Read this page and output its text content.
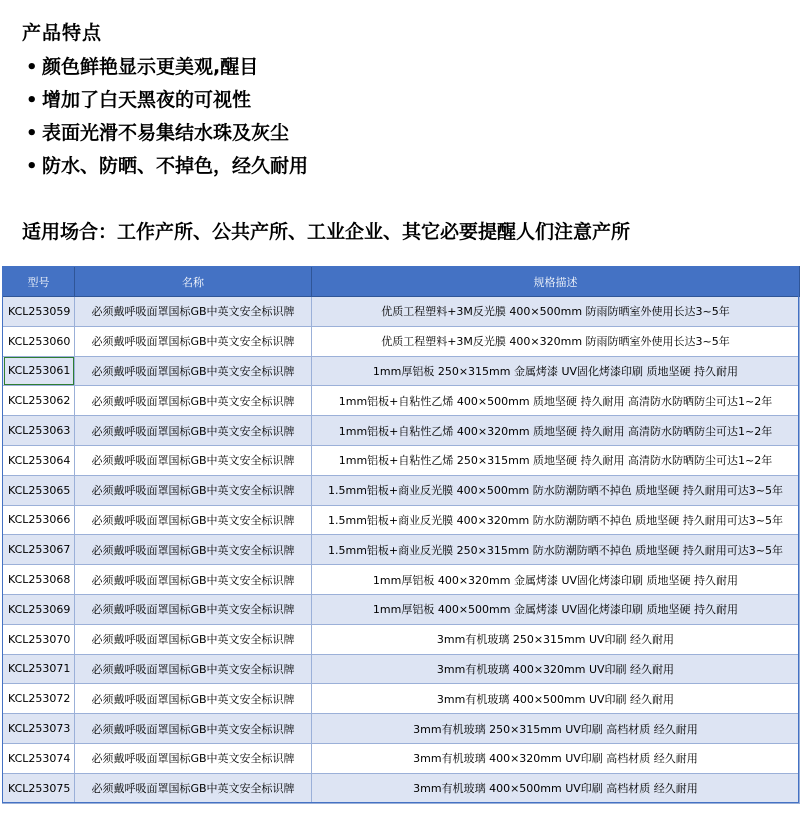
产品特点
• 颜色鲜艳显示更美观,醒目
• 增加了白天黑夜的可视性
• 表面光滑不易集结水珠及灰尘
• 防水、防晒、不掉色，经久耐用
适用场合：工作产所、公共产所、工业企业、其它必要提醒人们注意产所
型号	名称	规格描述
KCL253059	必须戴呼吸面罩国标GB中英文安全标识牌	优质工程塑料+3M反光膜 400×500mm 防雨防晒室外使用长达3~5年
KCL253060	必须戴呼吸面罩国标GB中英文安全标识牌	优质工程塑料+3M反光膜 400×320mm 防雨防晒室外使用长达3~5年
KCL253061	必须戴呼吸面罩国标GB中英文安全标识牌	1mm厚铝板 250×315mm 金属烤漆 UV固化烤漆印刷 质地坚硬 持久耐用
KCL253062	必须戴呼吸面罩国标GB中英文安全标识牌	1mm铝板+自粘性乙烯 400×500mm 质地坚硬 持久耐用 高清防水防晒防尘可达1~2年
KCL253063	必须戴呼吸面罩国标GB中英文安全标识牌	1mm铝板+自粘性乙烯 400×320mm 质地坚硬 持久耐用 高清防水防晒防尘可达1~2年
KCL253064	必须戴呼吸面罩国标GB中英文安全标识牌	1mm铝板+自粘性乙烯 250×315mm 质地坚硬 持久耐用 高清防水防晒防尘可达1~2年
KCL253065	必须戴呼吸面罩国标GB中英文安全标识牌	1.5mm铝板+商业反光膜 400×500mm 防水防潮防晒不掉色 质地坚硬 持久耐用可达3~5年
KCL253066	必须戴呼吸面罩国标GB中英文安全标识牌	1.5mm铝板+商业反光膜 400×320mm 防水防潮防晒不掉色 质地坚硬 持久耐用可达3~5年
KCL253067	必须戴呼吸面罩国标GB中英文安全标识牌	1.5mm铝板+商业反光膜 250×315mm 防水防潮防晒不掉色 质地坚硬 持久耐用可达3~5年
KCL253068	必须戴呼吸面罩国标GB中英文安全标识牌	1mm厚铝板 400×320mm 金属烤漆 UV固化烤漆印刷 质地坚硬 持久耐用
KCL253069	必须戴呼吸面罩国标GB中英文安全标识牌	1mm厚铝板 400×500mm 金属烤漆 UV固化烤漆印刷 质地坚硬 持久耐用
KCL253070	必须戴呼吸面罩国标GB中英文安全标识牌	3mm有机玻璃 250×315mm UV印刷 经久耐用
KCL253071	必须戴呼吸面罩国标GB中英文安全标识牌	3mm有机玻璃 400×320mm UV印刷 经久耐用
KCL253072	必须戴呼吸面罩国标GB中英文安全标识牌	3mm有机玻璃 400×500mm UV印刷 经久耐用
KCL253073	必须戴呼吸面罩国标GB中英文安全标识牌	3mm有机玻璃 250×315mm UV印刷 高档材质 经久耐用
KCL253074	必须戴呼吸面罩国标GB中英文安全标识牌	3mm有机玻璃 400×320mm UV印刷 高档材质 经久耐用
KCL253075	必须戴呼吸面罩国标GB中英文安全标识牌	3mm有机玻璃 400×500mm UV印刷 高档材质 经久耐用
